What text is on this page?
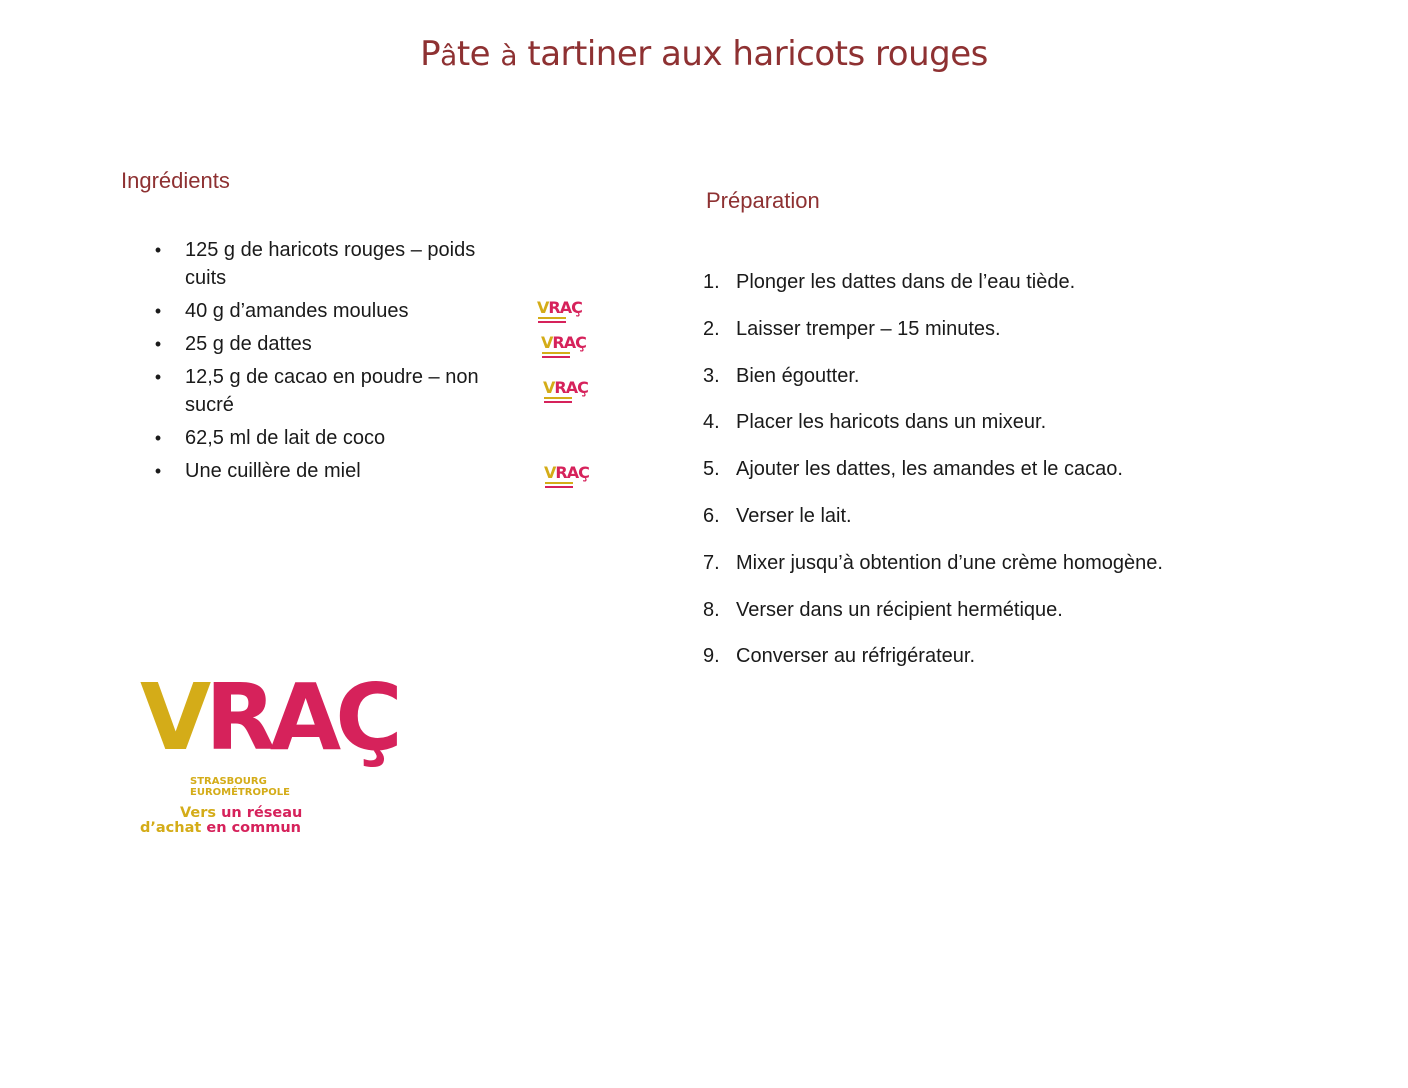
Pâte à tartiner aux haricots rouges
Ingrédients
• 125 g de haricots rouges – poids cuits
• 40 g d’amandes moulues
• 25 g de dattes
• 12,5 g de cacao en poudre – non sucré
• 62,5 ml de lait de coco
• Une cuillère de miel
VRAÇ
VRAÇ
VRAÇ
VRAÇ
Préparation
1. Plonger les dattes dans de l’eau tiède.
2. Laisser tremper – 15 minutes.
3. Bien égoutter.
4. Placer les haricots dans un mixeur.
5. Ajouter les dattes, les amandes et le cacao.
6. Verser le lait.
7. Mixer jusqu’à obtention d’une crème homogène.
8. Verser dans un récipient hermétique.
9. Converser au réfrigérateur.
VRAÇ
STRASBOURG
EUROMÉTROPOLE
Vers un réseau
d’achat en commun
